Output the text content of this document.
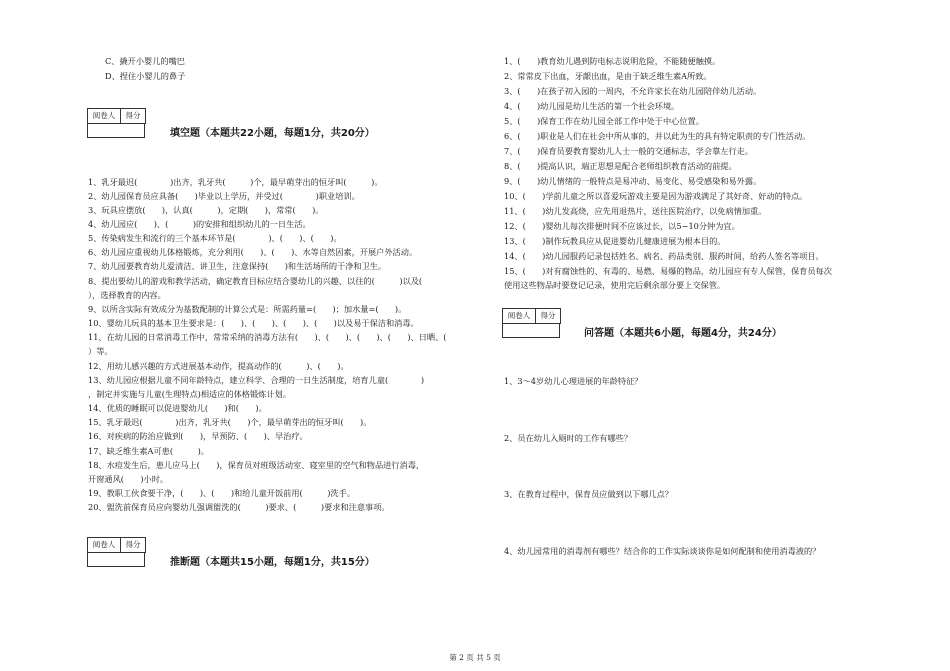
C、撬开小婴儿的嘴巴
D、捏住小婴儿的鼻子
阅卷人	得分
填空题（本题共22小题，每题1分，共20分）
1、乳牙最迟(　　　　)出齐，乳牙共(　　　)个，最早萌芽出的恒牙叫(　　　)。
2、幼儿园保育员应具备(　　)毕业以上学历，并受过(　　　　)职业培训。
3、玩具应摆放(　　)，认真(　　　)，定期(　　)，常常(　　)。
4、幼儿园应(　　)、(　　　)的安排和组织幼儿的一日生活。
5、传染病发生和流行的三个基本环节是(　　　　)、(　　)、(　　)。
6、幼儿园应重视幼儿体格锻炼，充分利用(　　)、(　　)、水等自然因素，开展户外活动。
7、幼儿园要教育幼儿爱清洁、讲卫生，注意保持(　　)和生活场所的干净和卫生。
8、提出要幼儿的游戏和教学活动，确定教育目标应结合婴幼儿的兴趣、以往的(　　　)以及(　　　
），选择教育的内容。
9、以所含实际有效成分为基数配制的计算公式是：所需药量=(　　)；加水量=(　　)。
10、婴幼儿玩具的基本卫生要求是：(　　)、(　　)、(　　)、(　　)以及易于保洁和消毒。
11、在幼儿园的日常消毒工作中，常常采纳的消毒方法有(　　)、(　　)、(　　)、(　　)、日晒、(　　
）等。
12、用幼儿感兴趣的方式进展基本动作，提高动作的(　　　)、(　　)。
13、幼儿园应根据儿童不同年龄特点，建立科学、合理的一日生活制度，培育儿童(　　　　)
，制定并实施与儿童(生理特点)相适应的体格锻炼计划。
14、优质的睡眠可以促进婴幼儿(　　)和(　　)。
15、乳牙最迟(　　　　)出齐，乳牙共(　　)个，最早萌芽出的恒牙叫(　　)。
16、对疾病的防治应做到(　　)，早预防、(　　)、早治疗。
17、缺乏维生素A可患(　　　)。
18、水痘发生后，患儿应马上(　　)，保育员对班级活动室、寝室里的空气和物品进行消毒，
开窗通风(　　)小时。
19、教职工伙食要干净，(　　)、(　　)和给儿童开饭前用(　　　)洗手。
20、盥洗前保育员应向婴幼儿强调盥洗的(　　　)要求、(　　　)要求和注意事项。
阅卷人	得分
推断题（本题共15小题，每题1分，共15分）
1、(　　)教育幼儿遇到防电标志说明危险，不能随便触摸。
2、常常皮下出血，牙龈出血，是由于缺乏维生素A所致。
3、(　　)在孩子初入园的一周内，不允许家长在幼儿园陪伴幼儿活动。
4、(　　)幼儿园是幼儿生活的第一个社会环境。
5、(　　)保育工作在幼儿园全部工作中处于中心位置。
6、(　　)职业是人们在社会中所从事的，并以此为生的具有特定职责的专门性活动。
7、(　　)保育员要教育婴幼儿人士一般的交通标志，学会靠左行走。
8、(　　)提高认识，端正思想是配合老师组织教育活动的前提。
9、(　　)幼儿情绪的一般特点是易冲动、易变化、易受感染和易外露。
10、(　　)学前儿童之所以喜爱玩游戏主要是因为游戏满足了其好奇、好动的特点。
11、(　　)幼儿发高烧，应先用退热片，送往医院治疗，以免病情加重。
12、(　　)婴幼儿每次排便时间不应该过长，以5~10分钟为宜。
13、(　　)制作玩教具应从促进婴幼儿健康进展为根本目的。
14、(　　)幼儿园服药记录包括姓名、病名、药品类别、服药时间，给药人签名等项目。
15、(　　)对有腐蚀性的、有毒的、易燃、易爆的物品，幼儿园应有专人保管，保育员每次
使用这些物品时要登记记录，使用完后剩余部分要上交保管。
阅卷人	得分
问答题（本题共6小题，每题4分，共24分）
1、3～4岁幼儿心理进展的年龄特征？
2、员在幼儿入厕时的工作有哪些？
3、在教育过程中，保育员应做到以下哪几点？
4、幼儿园常用的消毒剂有哪些？结合你的工作实际谈谈你是如何配制和使用消毒液的？
第 2 页 共 5 页
